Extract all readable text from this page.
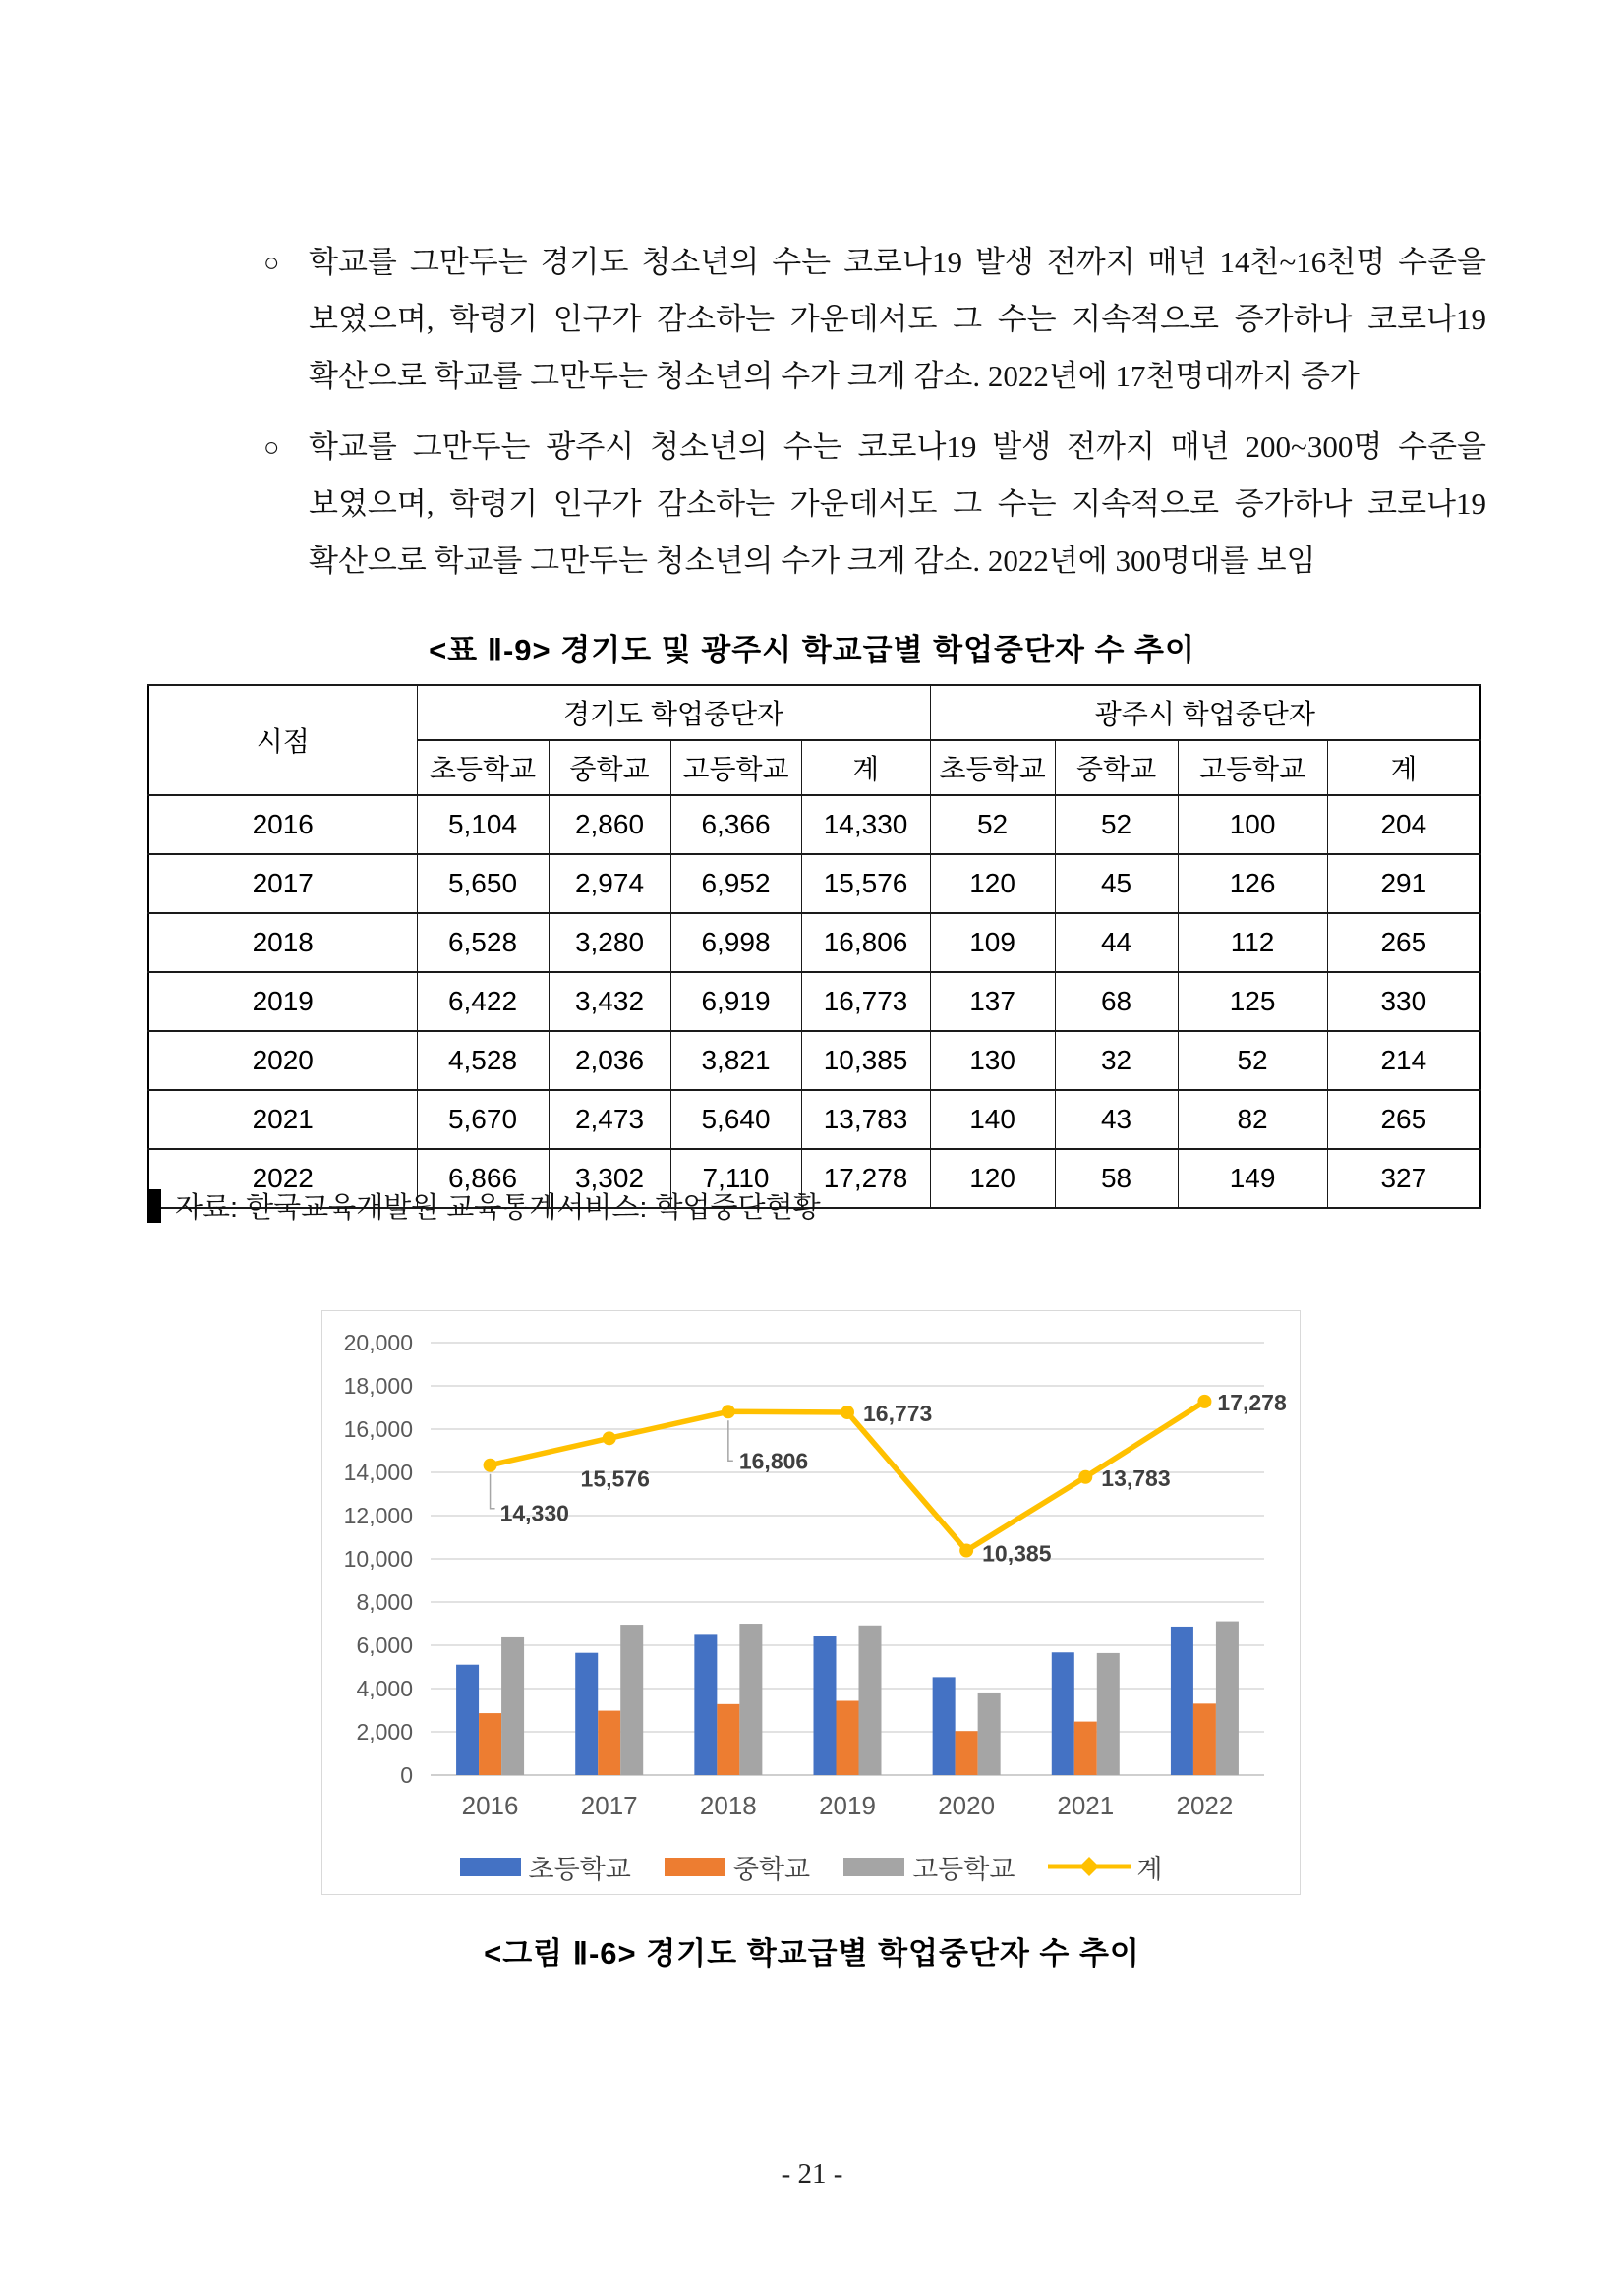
○ 학교를 그만두는 경기도 청소년의 수는 코로나19 발생 전까지 매년 14천~16천명 수준을 보였으며, 학령기 인구가 감소하는 가운데서도 그 수는 지속적으로 증가하나 코로나19 확산으로 학교를 그만두는 청소년의 수가 크게 감소. 2022년에 17천명대까지 증가
○ 학교를 그만두는 광주시 청소년의 수는 코로나19 발생 전까지 매년 200~300명 수준을 보였으며, 학령기 인구가 감소하는 가운데서도 그 수는 지속적으로 증가하나 코로나19 확산으로 학교를 그만두는 청소년의 수가 크게 감소. 2022년에 300명대를 보임
<표 Ⅱ-9> 경기도 및 광주시 학교급별 학업중단자 수 추이
시점	경기도 학업중단자				광주시 학업중단자			
	초등학교	중학교	고등학교	계	초등학교	중학교	고등학교	계
2016	5,104	2,860	6,366	14,330	52	52	100	204
2017	5,650	2,974	6,952	15,576	120	45	126	291
2018	6,528	3,280	6,998	16,806	109	44	112	265
2019	6,422	3,432	6,919	16,773	137	68	125	330
2020	4,528	2,036	3,821	10,385	130	32	52	214
2021	5,670	2,473	5,640	13,783	140	43	82	265
2022	6,866	3,302	7,110	17,278	120	58	149	327
자료: 한국교육개발원 교육통계서비스: 학업중단현황
0
2,000
4,000
6,000
8,000
10,000
12,000
14,000
16,000
18,000
20,000
2016 2017 2018 2019 2020 2021 2022
14,330
15,576
16,806
16,773
10,385
13,783
17,278
초등학교	중학교	고등학교	계
<그림 Ⅱ-6> 경기도 학교급별 학업중단자 수 추이
- 21 -
